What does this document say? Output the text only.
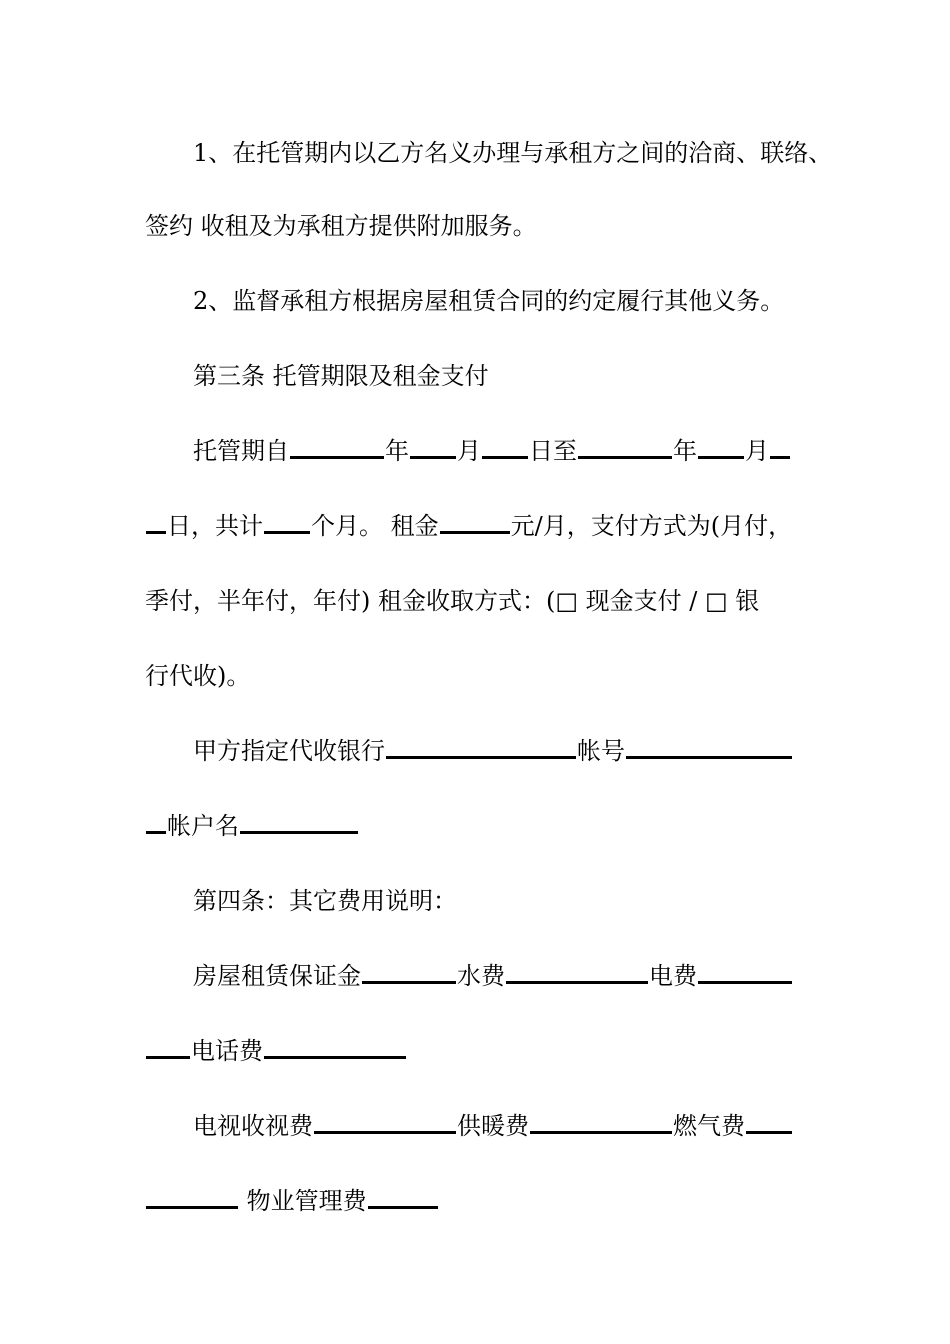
1、在托管期内以乙方名义办理与承租方之间的洽商、联络、
签约 收租及为承租方提供附加服务。
2、监督承租方根据房屋租赁合同的约定履行其他义务。
第三条 托管期限及租金支付
托管期自	年 月 日至	年 月
日，共计 个月。 租金	元/月，支付方式为(月付，
季付，半年付，年付) 租金收取方式：(□ 现金支付 / □ 银
行代收)。
甲方指定代收银行	帐号
帐户名
第四条：其它费用说明：
房屋租赁保证金	水费	电费
电话费
电视收视费	供暖费	燃气费
物业管理费
